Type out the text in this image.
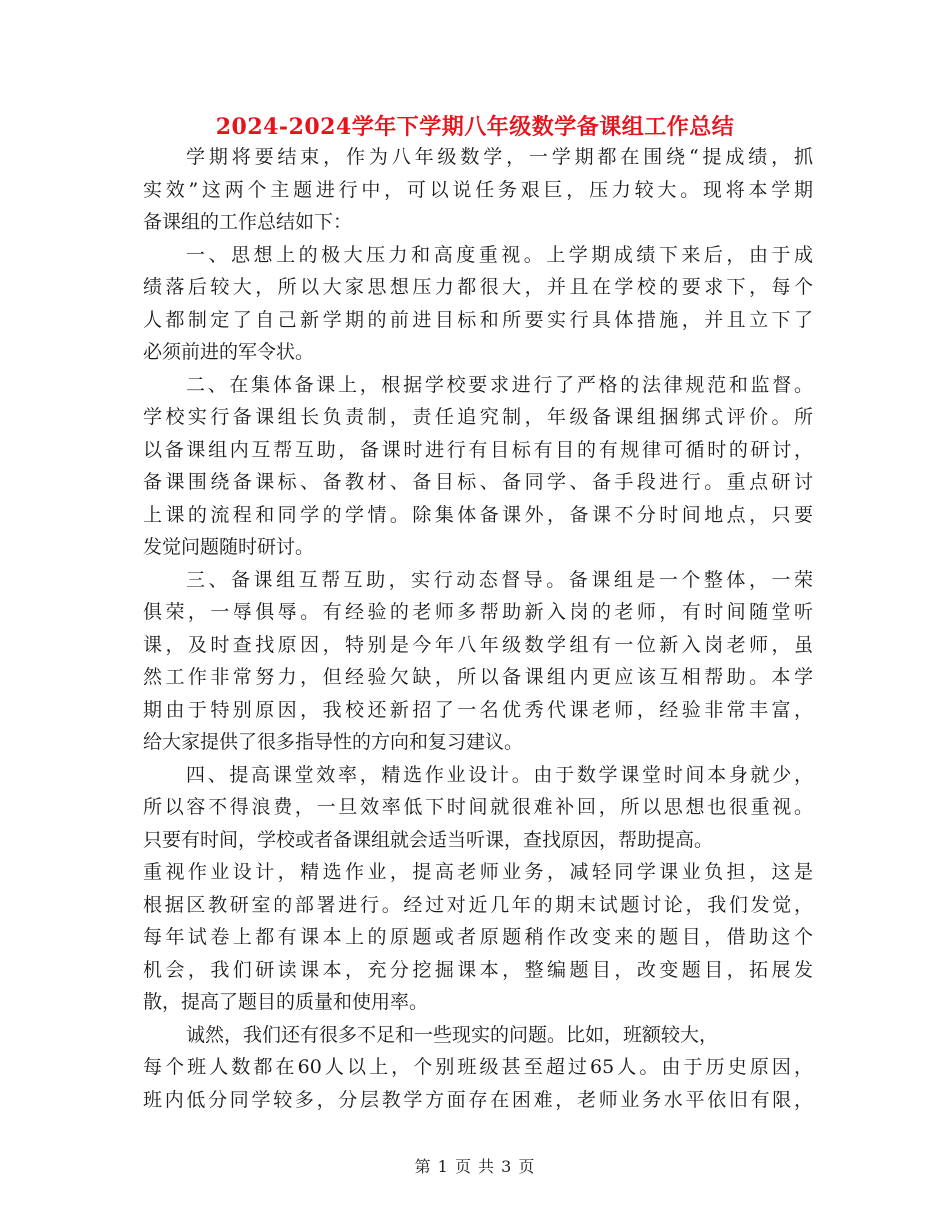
2024-2024学年下学期八年级数学备课组工作总结
学期将要结束，作为八年级数学，一学期都在围绕“提成绩，抓
实效”这两个主题进行中，可以说任务艰巨，压力较大。现将本学期
备课组的工作总结如下：
一、思想上的极大压力和高度重视。上学期成绩下来后，由于成
绩落后较大，所以大家思想压力都很大，并且在学校的要求下，每个
人都制定了自己新学期的前进目标和所要实行具体措施，并且立下了
必须前进的军令状。
二、在集体备课上，根据学校要求进行了严格的法律规范和监督。
学校实行备课组长负责制，责任追究制，年级备课组捆绑式评价。所
以备课组内互帮互助，备课时进行有目标有目的有规律可循时的研讨，
备课围绕备课标、备教材、备目标、备同学、备手段进行。重点研讨
上课的流程和同学的学情。除集体备课外，备课不分时间地点，只要
发觉问题随时研讨。
三、备课组互帮互助，实行动态督导。备课组是一个整体，一荣
俱荣，一辱俱辱。有经验的老师多帮助新入岗的老师，有时间随堂听
课，及时查找原因，特别是今年八年级数学组有一位新入岗老师，虽
然工作非常努力，但经验欠缺，所以备课组内更应该互相帮助。本学
期由于特别原因，我校还新招了一名优秀代课老师，经验非常丰富，
给大家提供了很多指导性的方向和复习建议。
四、提高课堂效率，精选作业设计。由于数学课堂时间本身就少，
所以容不得浪费，一旦效率低下时间就很难补回，所以思想也很重视。
只要有时间，学校或者备课组就会适当听课，查找原因，帮助提高。
重视作业设计，精选作业，提高老师业务，减轻同学课业负担，这是
根据区教研室的部署进行。经过对近几年的期末试题讨论，我们发觉，
每年试卷上都有课本上的原题或者原题稍作改变来的题目，借助这个
机会，我们研读课本，充分挖掘课本，整编题目，改变题目，拓展发
散，提高了题目的质量和使用率。
诚然，我们还有很多不足和一些现实的问题。比如，班额较大，
每个班人数都在60人以上，个别班级甚至超过65人。由于历史原因，
班内低分同学较多，分层教学方面存在困难，老师业务水平依旧有限，
第 1 页 共 3 页
